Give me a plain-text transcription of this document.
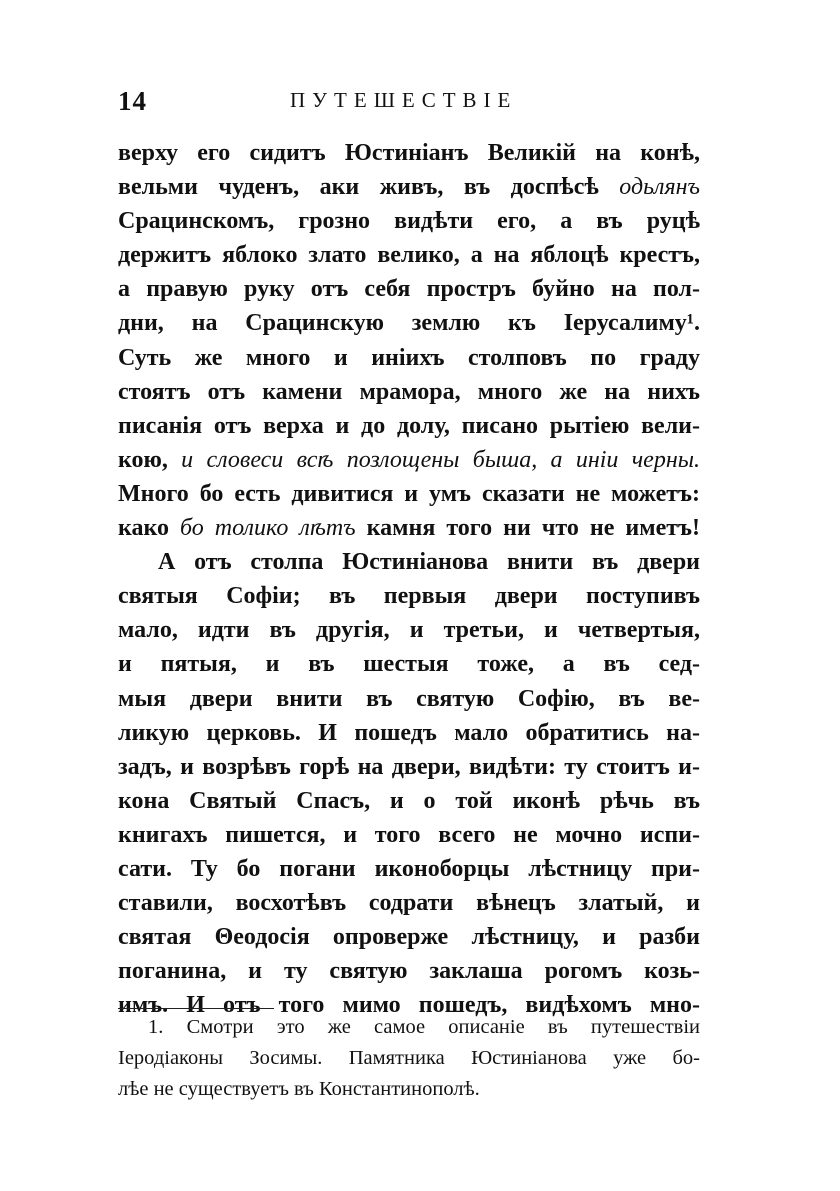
14	ПУТЕШЕСТВІЕ
верху его сидитъ Юстиніанъ Великій на конѣ,
вельми чуденъ, аки живъ, въ доспѣсѣ одьлянъ
Срацинскомъ, грозно видѣти его, а въ руцѣ
держитъ яблоко злато велико, а на яблоцѣ крестъ,
а правую руку отъ себя простръ буйно на пол-
дни, на Срацинскую землю къ Іерусалиму¹.
Суть же много и иніихъ столповъ по граду
стоятъ отъ камени мрамора, много же на нихъ
писанія отъ верха и до долу, писано рытіею вели-
кою, и словеси всѣ позлощены быша, а иніи черны.
Много бо есть дивитися и умъ сказати не можетъ:
како бо толико лѣтъ камня того ни что не иметъ!
А отъ столпа Юстиніанова внити въ двери
святыя Софіи; въ первыя двери поступивъ
мало, идти въ другія, и третьи, и четвертыя,
и пятыя, и въ шестыя тоже, а въ сед-
мыя двери внити въ святую Софію, въ ве-
ликую церковь. И пошедъ мало обратитись на-
задъ, и возрѣвъ горѣ на двери, видѣти: ту стоитъ и-
кона Святый Спасъ, и о той иконѣ рѣчь въ
книгахъ пишется, и того всего не мочно испи-
сати. Ту бо погани иконоборцы лѣстницу при-
ставили, восхотѣвъ содрати вѣнецъ златый, и
святая Θеодосія опроверже лѣстницу, и разби
поганина, и ту святую заклаша рогомъ козь-
имъ. И отъ того мимо пошедъ, видѣхомъ мно-
1. Смотри это же самое описаніе въ путешествіи
Іеродіаконы Зосимы. Памятника Юстиніанова уже бо-
лѣе не существуетъ въ Константинополѣ.
